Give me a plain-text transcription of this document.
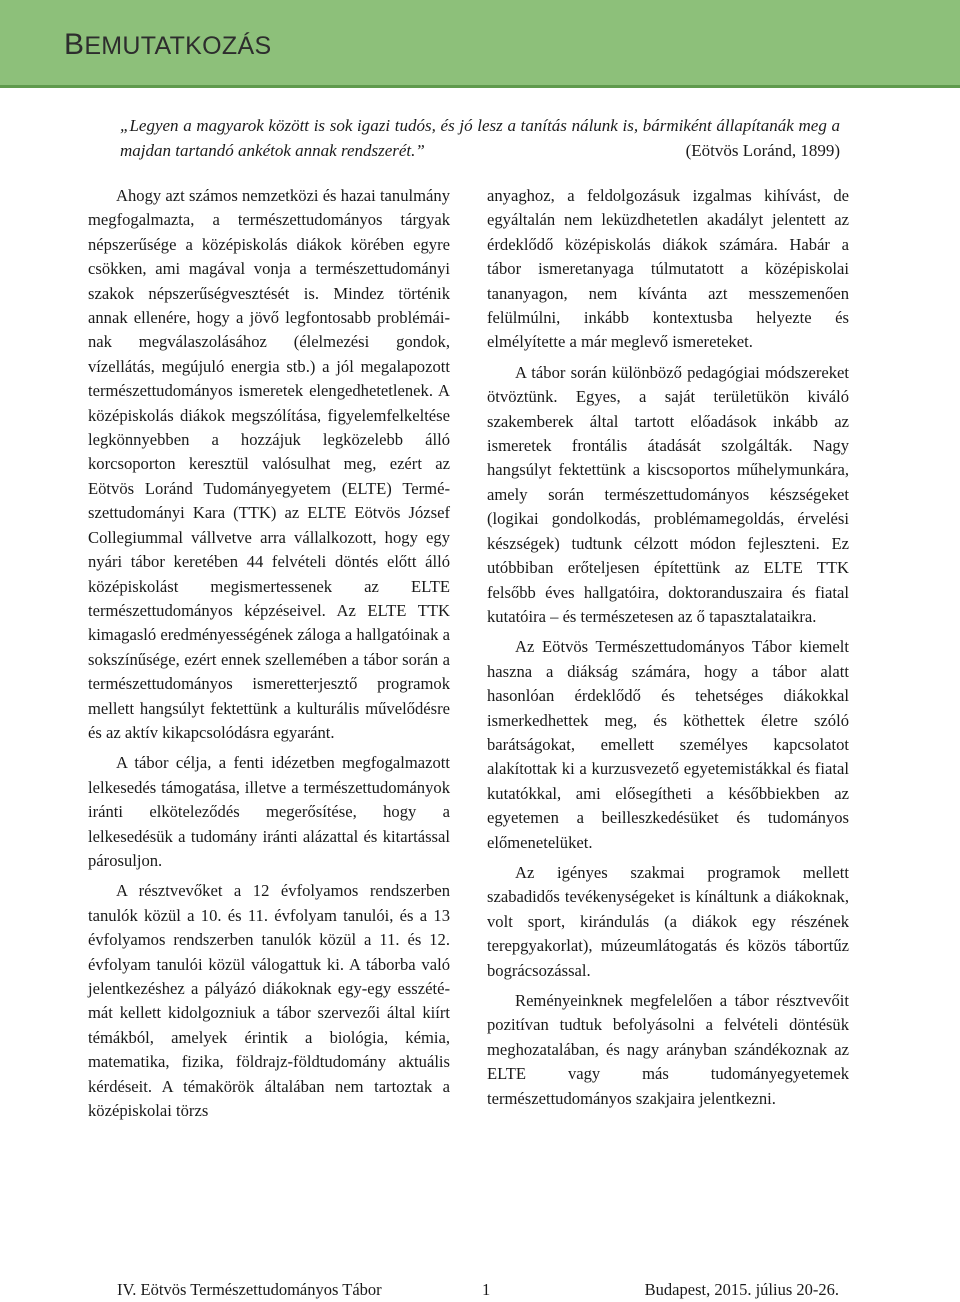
BEMUTATKOZÁS

„Legyen a magyarok között is sok igazi tudós, és jó lesz a tanítás nálunk is, bármiként állapítanák meg a majdan tartandó ankétok annak rendszerét.”	(Eötvös Loránd, 1899)

Ahogy azt számos nemzetközi és hazai tanulmány megfogalmazta, a természettudományos tárgyak népszerűsége a középiskolás diákok körében egyre csökken, ami magával vonja a természettudományi szakok népszerűségvesztését is. Mindez történik annak ellenére, hogy a jövő legfontosabb problémáinak megválaszolásához (élelmezési gondok, vízellátás, megújuló energia stb.) a jól megalapozott természettudományos ismeretek elengedhetetlenek. A középiskolás diákok megszólítása, figyelemfelkeltése legkönnyebben a hozzájuk legközelebb álló korcsoporton keresztül valósulhat meg, ezért az Eötvös Loránd Tudományegyetem (ELTE) Természettudományi Kara (TTK) az ELTE Eötvös József Collegiummal vállvetve arra vállalkozott, hogy egy nyári tábor keretében 44 felvételi döntés előtt álló középiskolást megismertessenek az ELTE természettudományos képzéseivel. Az ELTE TTK kimagasló eredményességének záloga a hallgatóinak a sokszínűsége, ezért ennek szellemében a tábor során a természettudományos ismeretterjesztő programok mellett hangsúlyt fektettünk a kulturális művelődésre és az aktív kikapcsolódásra egyaránt.

A tábor célja, a fenti idézetben megfogalmazott lelkesedés támogatása, illetve a természettudományok iránti elköteleződés megerősítése, hogy a lelkesedésük a tudomány iránti alázattal és kitartással párosuljon.

A résztvevőket a 12 évfolyamos rendszerben tanulók közül a 10. és 11. évfolyam tanulói, és a 13 évfolyamos rendszerben tanulók közül a 11. és 12. évfolyam tanulói közül válogattuk ki. A táborba való jelentkezéshez a pályázó diákoknak egy-egy esszétémát kellett kidolgozniuk a tábor szervezői által kiírt témákból, amelyek érintik a biológia, kémia, matematika, fizika, földrajz-földtudomány aktuális kérdéseit. A témakörök általában nem tartoztak a középiskolai törzs

anyaghoz, a feldolgozásuk izgalmas kihívást, de egyáltalán nem leküzdhetetlen akadályt jelentett az érdeklődő középiskolás diákok számára. Habár a tábor ismeretanyaga túlmutatott a középiskolai tananyagon, nem kívánta azt messzemenően felülmúlni, inkább kontextusba helyezte és elmélyítette a már meglevő ismereteket.

A tábor során különböző pedagógiai módszereket ötvöztünk. Egyes, a saját területükön kiváló szakemberek által tartott előadások inkább az ismeretek frontális átadását szolgálták. Nagy hangsúlyt fektettünk a kiscsoportos műhelymunkára, amely során természettudományos készségeket (logikai gondolkodás, problémamegoldás, érvelési készségek) tudtunk célzott módon fejleszteni. Ez utóbbiban erőteljesen építettünk az ELTE TTK felsőbb éves hallgatóira, doktoranduszaira és fiatal kutatóira – és természetesen az ő tapasztalataikra.

Az Eötvös Természettudományos Tábor kiemelt haszna a diákság számára, hogy a tábor alatt hasonlóan érdeklődő és tehetséges diákokkal ismerkedhettek meg, és köthettek életre szóló barátságokat, emellett személyes kapcsolatot alakítottak ki a kurzusvezető egyetemistákkal és fiatal kutatókkal, ami elősegítheti a későbbiekben az egyetemen a beilleszkedésüket és tudományos előmenetelüket.

Az igényes szakmai programok mellett szabadidős tevékenységeket is kínáltunk a diákoknak, volt sport, kirándulás (a diákok egy részének terepgyakorlat), múzeumlátogatás és közös tábortűz bográcsozással.

Reményeinknek megfelelően a tábor résztvevőit pozitívan tudtuk befolyásolni a felvételi döntésük meghozatalában, és nagy arányban szándékoznak az ELTE vagy más tudományegyetemek természettudományos szakjaira jelentkezni.

IV. Eötvös Természettudományos Tábor	1	Budapest, 2015. július 20-26.
